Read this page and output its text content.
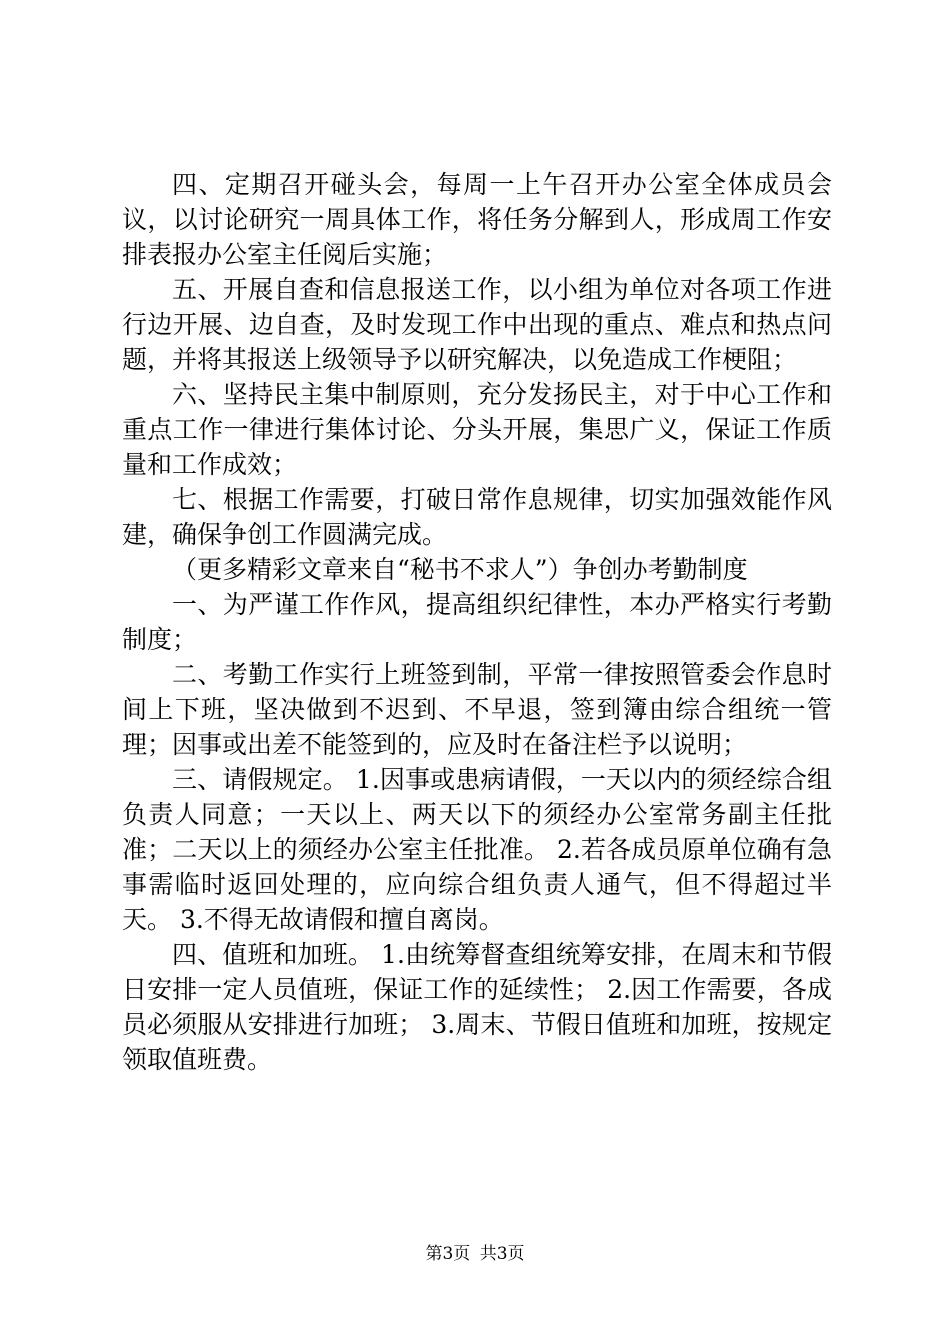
四、定期召开碰头会，每周一上午召开办公室全体成员会议，以讨论研究一周具体工作，将任务分解到人，形成周工作安排表报办公室主任阅后实施；

五、开展自查和信息报送工作，以小组为单位对各项工作进行边开展、边自查，及时发现工作中出现的重点、难点和热点问题，并将其报送上级领导予以研究解决，以免造成工作梗阻；

六、坚持民主集中制原则，充分发扬民主，对于中心工作和重点工作一律进行集体讨论、分头开展，集思广义，保证工作质量和工作成效；

七、根据工作需要，打破日常作息规律，切实加强效能作风建，确保争创工作圆满完成。

（更多精彩文章来自“秘书不求人”）争创办考勤制度

一、为严谨工作作风，提高组织纪律性，本办严格实行考勤制度；

二、考勤工作实行上班签到制，平常一律按照管委会作息时间上下班，坚决做到不迟到、不早退，签到簿由综合组统一管理；因事或出差不能签到的，应及时在备注栏予以说明；

三、请假规定。 1.因事或患病请假，一天以内的须经综合组负责人同意；一天以上、两天以下的须经办公室常务副主任批准；二天以上的须经办公室主任批准。 2.若各成员原单位确有急事需临时返回处理的，应向综合组负责人通气，但不得超过半天。 3.不得无故请假和擅自离岗。

四、值班和加班。 1.由统筹督查组统筹安排，在周末和节假日安排一定人员值班，保证工作的延续性； 2.因工作需要，各成员必须服从安排进行加班； 3.周末、节假日值班和加班，按规定领取值班费。

第3页 共3页
